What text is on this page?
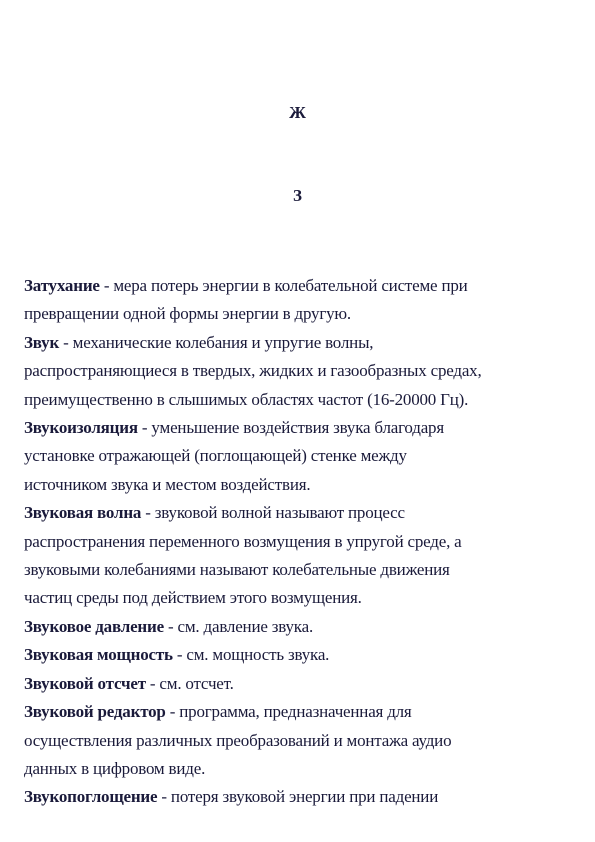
Ж
З

Затухание - мера потерь энергии в колебательной системе при
превращении одной формы энергии в другую.

Звук - механические колебания и упругие волны,
распространяющиеся в твердых, жидких и газообразных средах,
преимущественно в слышимых областях частот (16-20000 Гц).

Звукоизоляция - уменьшение воздействия звука благодаря
установке отражающей (поглощающей) стенке между
источником звука и местом воздействия.

Звуковая волна - звуковой волной называют процесс
распространения переменного возмущения в упругой среде, а
звуковыми колебаниями называют колебательные движения
частиц среды под действием этого возмущения.

Звуковое давление - см. давление звука.

Звуковая мощность - см. мощность звука.

Звуковой отсчет - см. отсчет.

Звуковой редактор - программа, предназначенная для
осуществления различных преобразований и монтажа аудио
данных в цифровом виде.

Звукопоглощение - потеря звуковой энергии при падении
